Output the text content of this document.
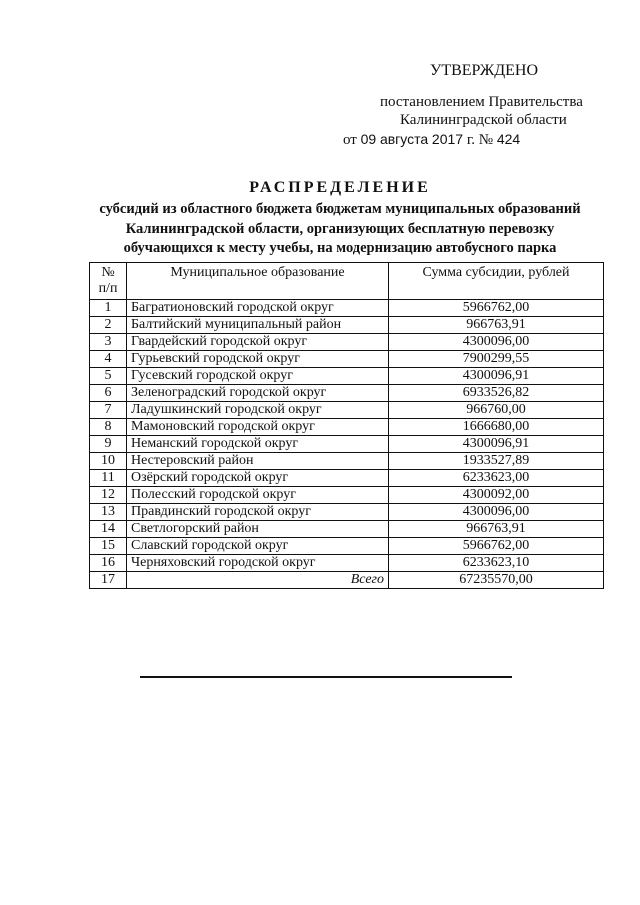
УТВЕРЖДЕНО
постановлением Правительства
Калининградской области
от 09 августа 2017 г. № 424
РАСПРЕДЕЛЕНИЕ
субсидий из областного бюджета бюджетам муниципальных образований
Калининградской области, организующих бесплатную перевозку
обучающихся к месту учебы, на модернизацию автобусного парка
№
п/п	Муниципальное образование	Сумма субсидии, рублей
1	Багратионовский городской округ	5966762,00
2	Балтийский муниципальный район	966763,91
3	Гвардейский городской округ	4300096,00
4	Гурьевский городской округ	7900299,55
5	Гусевский городской округ	4300096,91
6	Зеленоградский городской округ	6933526,82
7	Ладушкинский городской округ	966760,00
8	Мамоновский городской округ	1666680,00
9	Неманский городской округ	4300096,91
10	Нестеровский район	1933527,89
11	Озёрский городской округ	6233623,00
12	Полесский городской округ	4300092,00
13	Правдинский городской округ	4300096,00
14	Светлогорский район	966763,91
15	Славский городской округ	5966762,00
16	Черняховский городской округ	6233623,10
17	Всего	67235570,00
